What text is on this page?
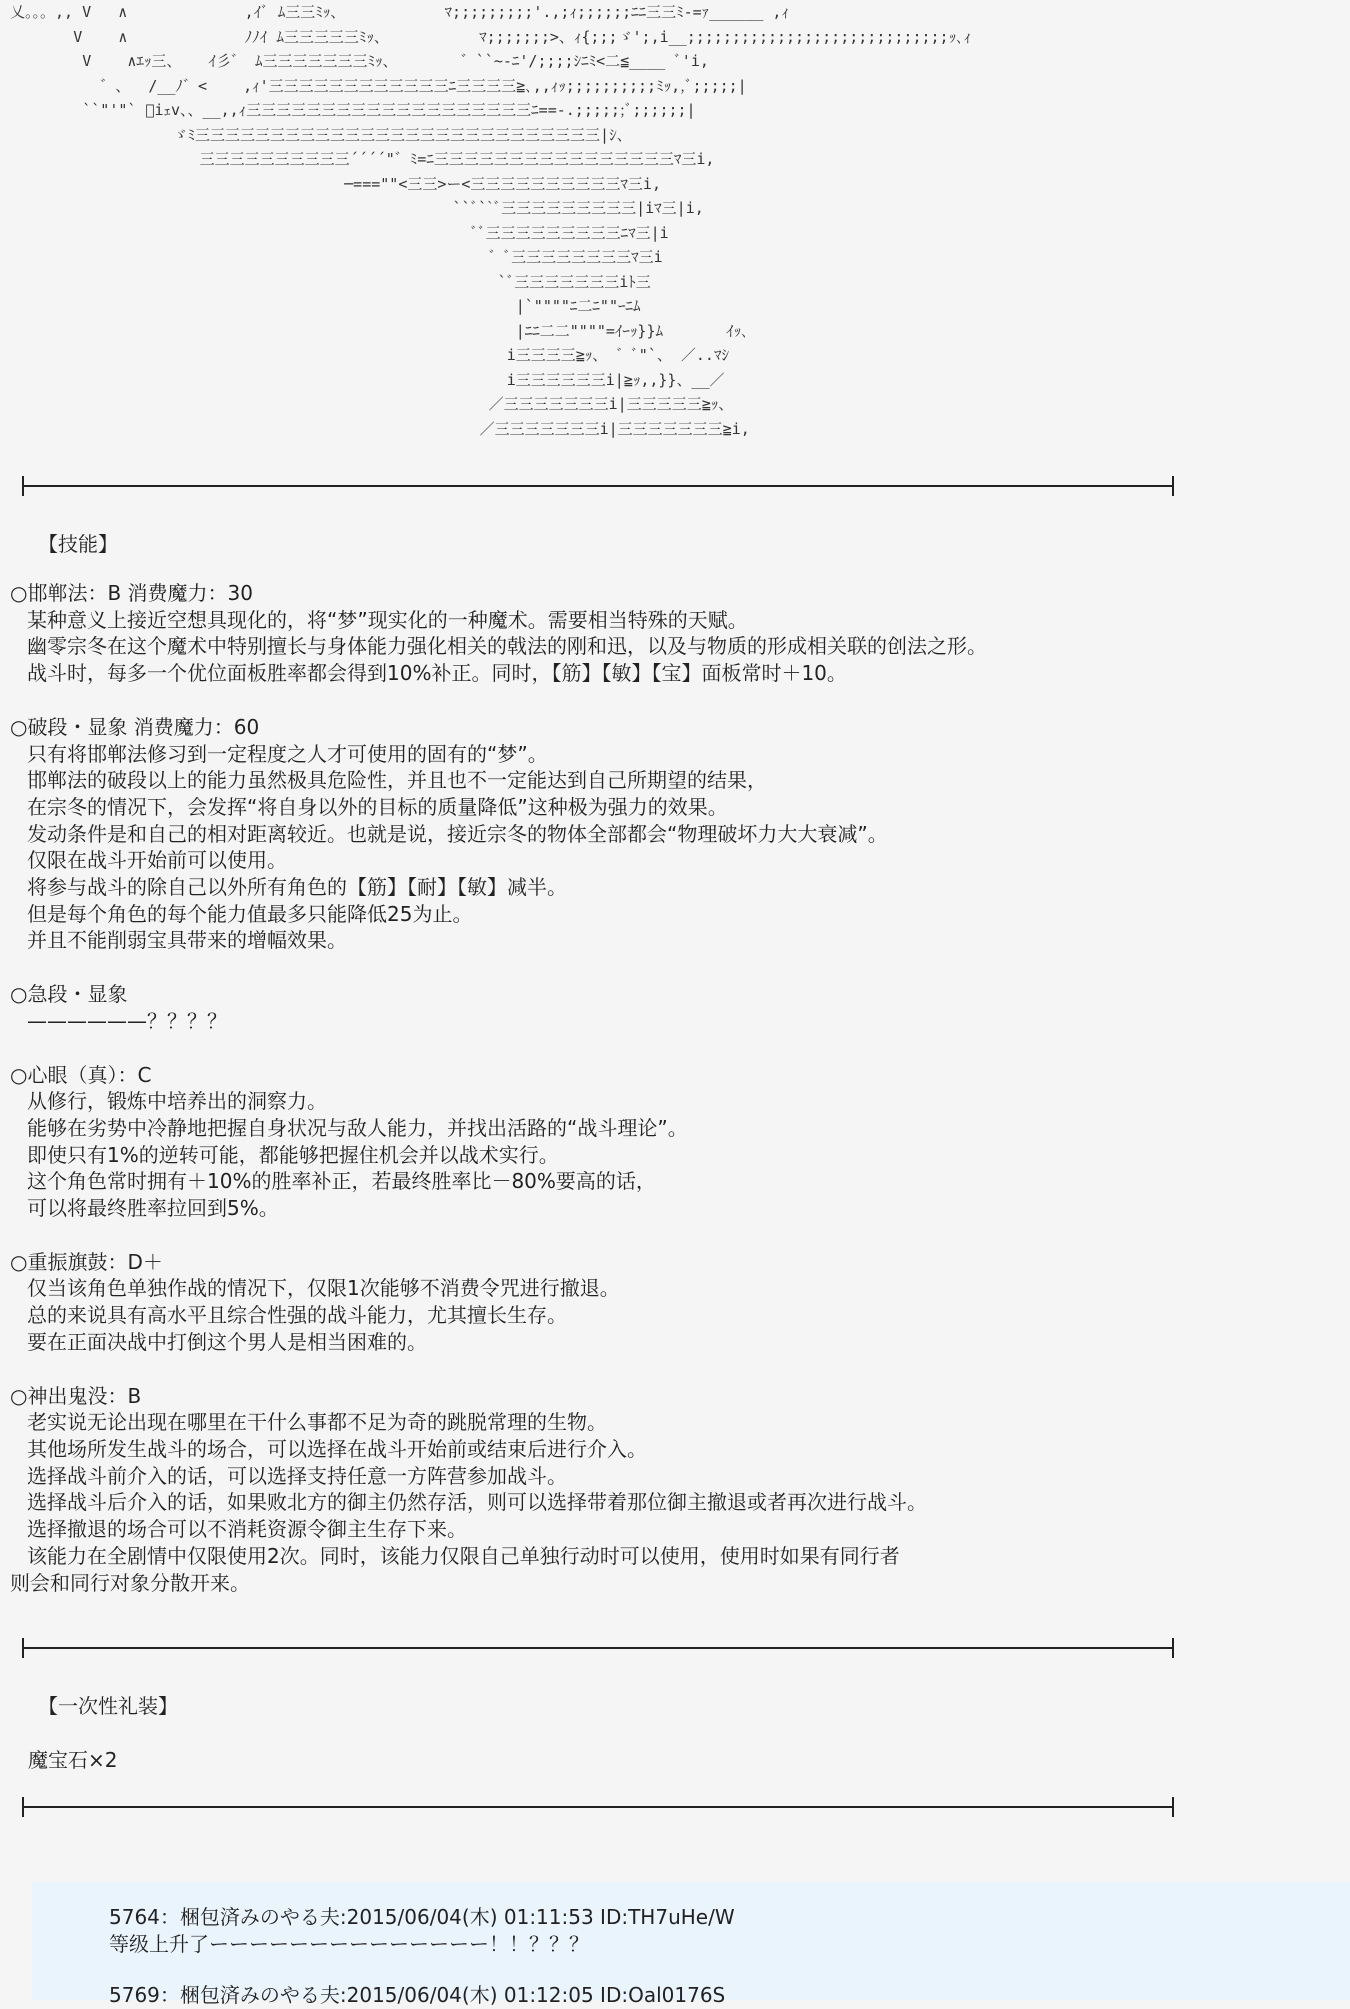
乂。。。,, V   ∧             ,ｲﾞ ﾑ三三ﾐｯ、           ﾏ;;;;;;;;;'.,;ｨ;;;;;;ﾆﾆ三三ﾐ-=ｧ______ ,ｨ
V    ∧             ﾉﾉｲ ﾑ三三三三三ﾐｯ、          ﾏ;;;;;;;>、ｨ{;;;ゞ';,i__;;;;;;;;;;;;;;;;;;;;;;;;;;;;;ｯ､ｨ
V    ∧ｴｯ三、   ｲ彡゛ ﾑ三三三三三三三ﾐｯ、       ゛``~-ﾆ'/;;;;ｼﾆﾐ<二≦____ ﾞ'i,
゛、  /__ﾉ゛<    ,ｨ'三三三三三三三三三三三三ﾆ三三三三≧､,,ｨｯ;;;;;;;;;;ﾐｯ,,ﾞ;;;;;|
``"'"` ﾞiｪv、、__,,ｨ三三三三三三三三三三三三三三三三三三三ﾆ==-.;;;;;;ﾞ;;;;;;|
ゞﾐ三三三三三三三三三三三三三三三三三三三三三三三三三三三|ｼ、
三三三三三三三三三三´´´´"゛ﾐ=ﾆ三三三三三三三三三三三三三三三三ﾏ三i,
─===""<三三>ー<三三三三三三三三三三ﾏ三i,
``ﾞ``ﾞ三三三三三三三三三|iﾏ三|i,
ﾞﾞ三三三三三三三三三ﾆﾏ三|i
゛ﾞ三三三三三三三三ﾏ三i
`ﾞ三三三三三三三iﾄ三
|`""""ﾆ二ﾆ""ｰﾆﾑ
|ﾆﾆ二二""""=ｲｰｯ}}ﾑ       ｲｯ､
i三三三三≧ｯ、 ゛ﾞ"`、 ／..ﾏｼ
i三三三三三三i|≧ｯ,,}}、__／
／三三三三三三三i|三三三三三≧ｯ、
／三三三三三三三i|三三三三三三三≧i,
【技能】
○邯郸法：B 消费魔力：30
某种意义上接近空想具现化的，将“梦”现实化的一种魔术。需要相当特殊的天赋。
幽零宗冬在这个魔术中特别擅长与身体能力强化相关的戟法的刚和迅，以及与物质的形成相关联的创法之形。
战斗时，每多一个优位面板胜率都会得到10%补正。同时，【筋】【敏】【宝】面板常时＋10。
○破段・显象 消费魔力：60
只有将邯郸法修习到一定程度之人才可使用的固有的“梦”。
邯郸法的破段以上的能力虽然极具危险性，并且也不一定能达到自己所期望的结果，
在宗冬的情况下，会发挥“将自身以外的目标的质量降低”这种极为强力的效果。
发动条件是和自己的相对距离较近。也就是说，接近宗冬的物体全部都会“物理破坏力大大衰减”。
仅限在战斗开始前可以使用。
将参与战斗的除自己以外所有角色的【筋】【耐】【敏】减半。
但是每个角色的每个能力值最多只能降低25为止。
并且不能削弱宝具带来的增幅效果。
○急段・显象
——————？？？？
○心眼（真）：C
从修行，锻炼中培养出的洞察力。
能够在劣势中冷静地把握自身状况与敌人能力，并找出活路的“战斗理论”。
即使只有1%的逆转可能，都能够把握住机会并以战术实行。
这个角色常时拥有＋10%的胜率补正，若最终胜率比－80%要高的话，
可以将最终胜率拉回到5%。
○重振旗鼓：D＋
仅当该角色单独作战的情况下，仅限1次能够不消费令咒进行撤退。
总的来说具有高水平且综合性强的战斗能力，尤其擅长生存。
要在正面决战中打倒这个男人是相当困难的。
○神出鬼没：B
老实说无论出现在哪里在干什么事都不足为奇的跳脱常理的生物。
其他场所发生战斗的场合，可以选择在战斗开始前或结束后进行介入。
选择战斗前介入的话，可以选择支持任意一方阵营参加战斗。
选择战斗后介入的话，如果败北方的御主仍然存活，则可以选择带着那位御主撤退或者再次进行战斗。
选择撤退的场合可以不消耗资源令御主生存下来。
该能力在全剧情中仅限使用2次。同时，该能力仅限自己单独行动时可以使用，使用时如果有同行者
则会和同行对象分散开来。
【一次性礼装】
魔宝石×2
5764：梱包済みのやる夫:2015/06/04(木) 01:11:53 ID:TH7uHe/W
等级上升了ーーーーーーーーーーーーーー！！？？？
5769：梱包済みのやる夫:2015/06/04(木) 01:12:05 ID:Oal0176S
